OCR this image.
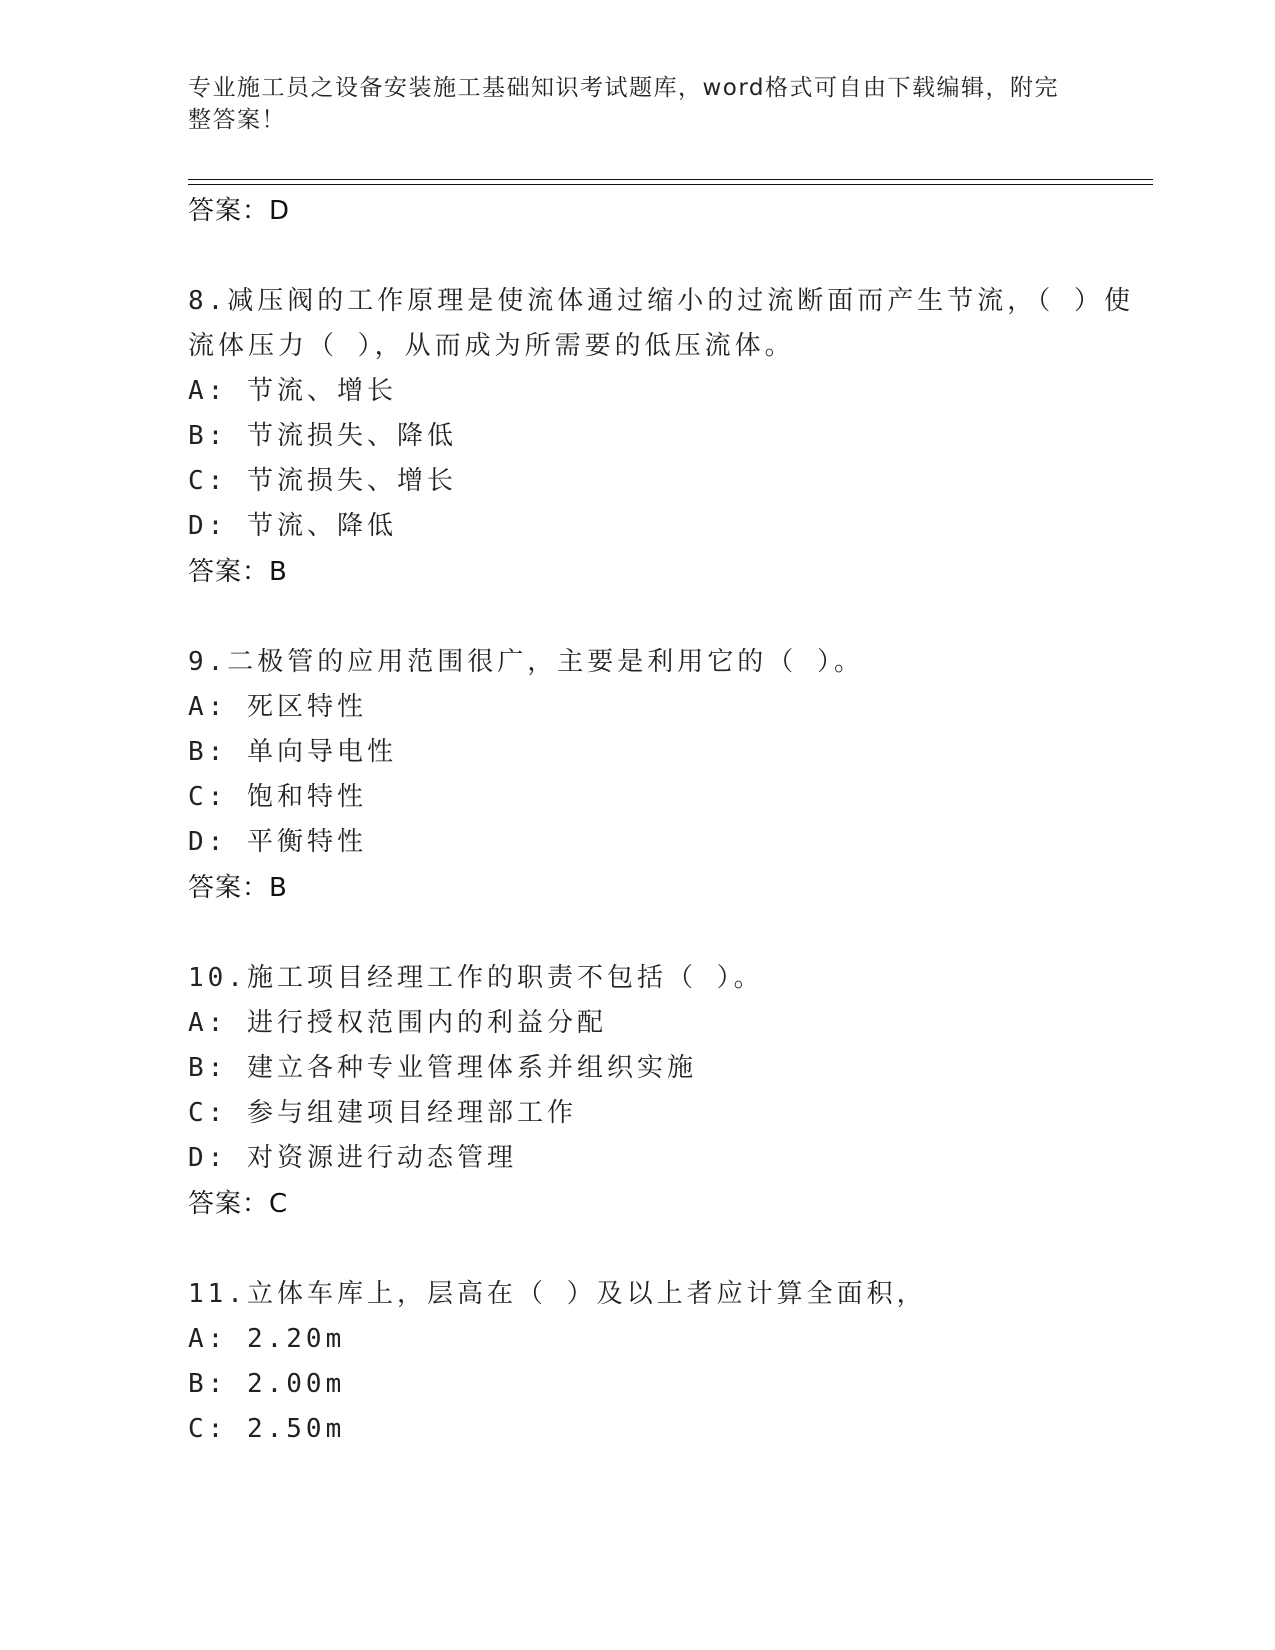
专业施工员之设备安装施工基础知识考试题库，word格式可自由下载编辑，附完整答案！
答案：D
8.减压阀的工作原理是使流体通过缩小的过流断面而产生节流，（ ）使流体压力（ ），从而成为所需要的低压流体。
A: 节流、增长
B: 节流损失、降低
C: 节流损失、增长
D: 节流、降低
答案：B
9.二极管的应用范围很广，主要是利用它的（ ）。
A: 死区特性
B: 单向导电性
C: 饱和特性
D: 平衡特性
答案：B
10.施工项目经理工作的职责不包括（ ）。
A: 进行授权范围内的利益分配
B: 建立各种专业管理体系并组织实施
C: 参与组建项目经理部工作
D: 对资源进行动态管理
答案：C
11.立体车库上，层高在（ ）及以上者应计算全面积，
A: 2.20m
B: 2.00m
C: 2.50m
